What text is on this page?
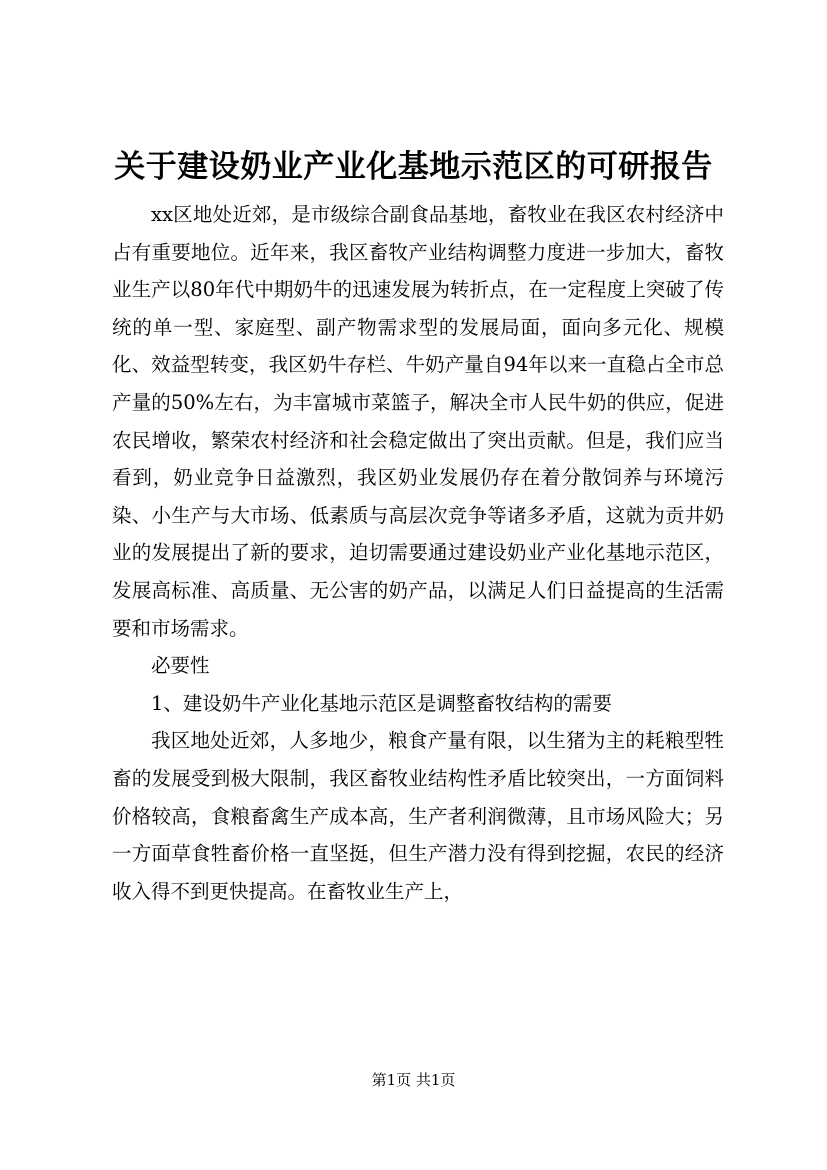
关于建设奶业产业化基地示范区的可研报告

xx区地处近郊，是市级综合副食品基地，畜牧业在我区农村经济中占有重要地位。近年来，我区畜牧产业结构调整力度进一步加大，畜牧业生产以80年代中期奶牛的迅速发展为转折点，在一定程度上突破了传统的单一型、家庭型、副产物需求型的发展局面，面向多元化、规模化、效益型转变，我区奶牛存栏、牛奶产量自94年以来一直稳占全市总产量的50%左右，为丰富城市菜篮子，解决全市人民牛奶的供应，促进农民增收，繁荣农村经济和社会稳定做出了突出贡献。但是，我们应当看到，奶业竞争日益激烈，我区奶业发展仍存在着分散饲养与环境污染、小生产与大市场、低素质与高层次竞争等诸多矛盾，这就为贡井奶业的发展提出了新的要求，迫切需要通过建设奶业产业化基地示范区，发展高标准、高质量、无公害的奶产品，以满足人们日益提高的生活需要和市场需求。

必要性

1、建设奶牛产业化基地示范区是调整畜牧结构的需要

我区地处近郊，人多地少，粮食产量有限，以生猪为主的耗粮型牲畜的发展受到极大限制，我区畜牧业结构性矛盾比较突出，一方面饲料价格较高，食粮畜禽生产成本高，生产者利润微薄，且市场风险大；另一方面草食牲畜价格一直坚挺，但生产潜力没有得到挖掘，农民的经济收入得不到更快提高。在畜牧业生产上，

第1页 共1页
